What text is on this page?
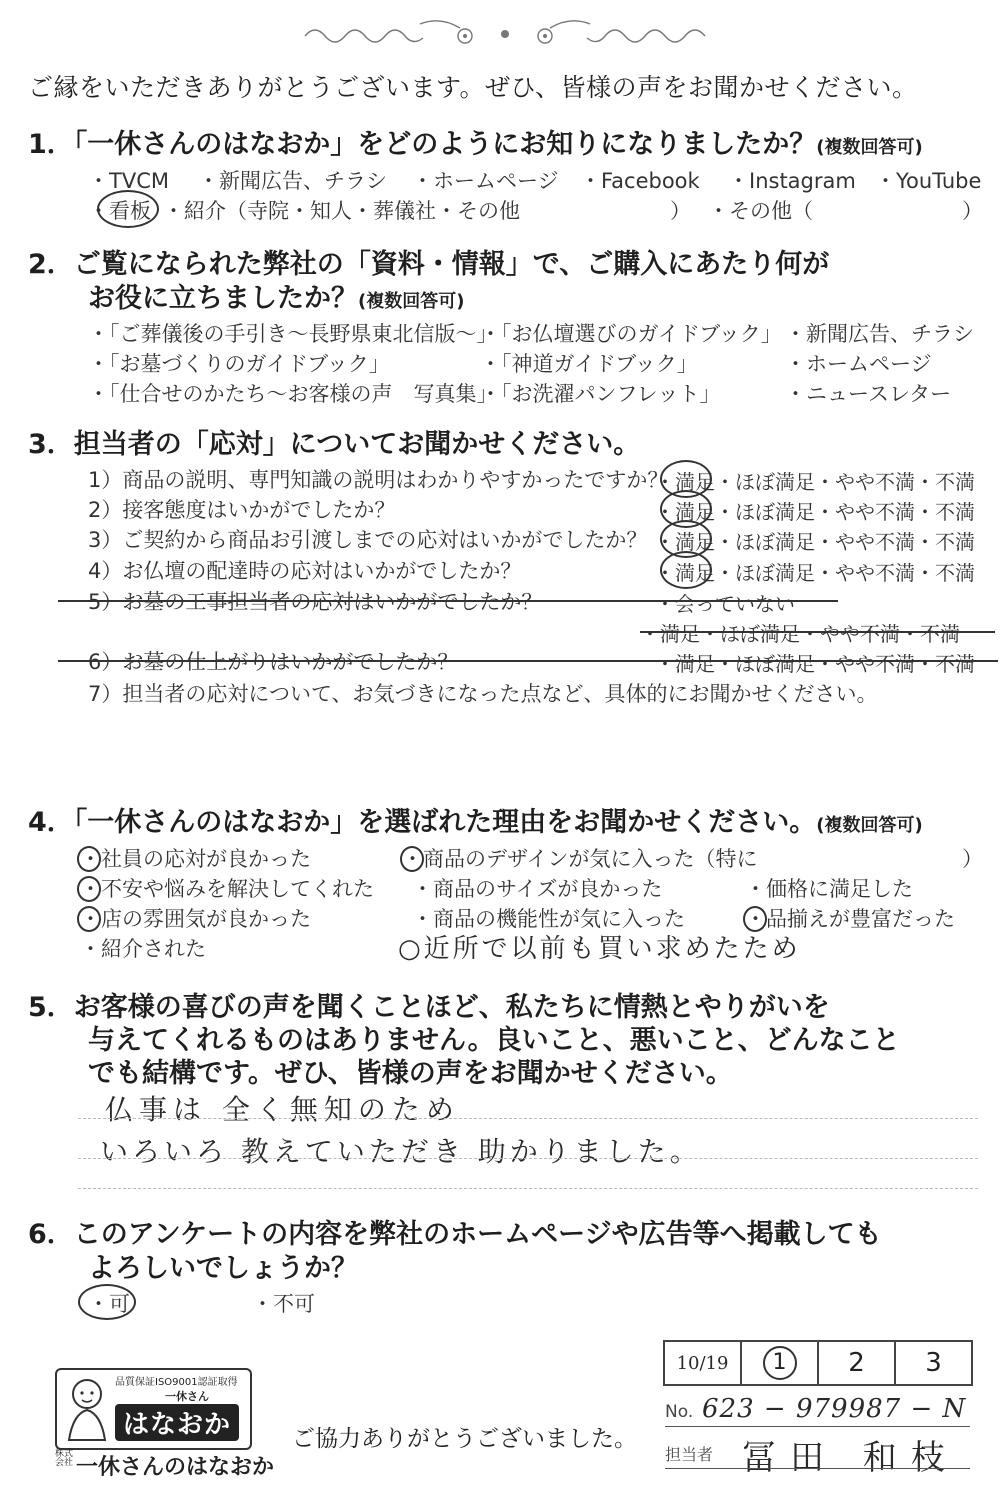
ご縁をいただきありがとうございます。ぜひ、皆様の声をお聞かせください。
1．「一休さんのはなおか」をどのようにお知りになりましたか？(複数回答可)
・TVCM ・新聞広告、チラシ ・ホームページ ・Facebook ・Instagram ・YouTube
・看板 ・紹介（寺院・知人・葬儀社・その他	） ・その他（	）
2．ご覧になられた弊社の「資料・情報」で、ご購入にあたり何が
お役に立ちましたか？(複数回答可)
・「ご葬儀後の手引き～長野県東北信版～」
・「お仏壇選びのガイドブック」 ・新聞広告、チラシ
・「お墓づくりのガイドブック」	・「神道ガイドブック」	・ホームページ
・「仕合せのかたち～お客様の声　写真集」
・「お洗濯パンフレット」	・ニュースレター
3．担当者の「応対」についてお聞かせください。
1）商品の説明、専門知識の説明はわかりやすかったですか？
・満足・ほぼ満足・やや不満・不満
2）接客態度はいかがでしたか？	・満足・ほぼ満足・やや不満・不満
3）ご契約から商品お引渡しまでの応対はいかがでしたか？ ・満足・ほぼ満足・やや不満・不満
4）お仏壇の配達時の応対はいかがでしたか？	・満足・ほぼ満足・やや不満・不満
5）お墓の工事担当者の応対はいかがでしたか？	・会っていない
・満足・ほぼ満足・やや不満・不満
6）お墓の仕上がりはいかがでしたか？	・満足・ほぼ満足・やや不満・不満
7）担当者の応対について、お気づきになった点など、具体的にお聞かせください。
4．「一休さんのはなおか」を選ばれた理由をお聞かせください。(複数回答可)
・社員の応対が良かった	・商品のデザインが気に入った（特に	）
・不安や悩みを解決してくれた ・商品のサイズが良かった	・価格に満足した
・店の雰囲気が良かった	・商品の機能性が気に入った	・品揃えが豊富だった
・紹介された	○近所で以前も買い求めたため
5．お客様の喜びの声を聞くことほど、私たちに情熱とやりがいを
与えてくれるものはありません。良いこと、悪いこと、どんなこと
でも結構です。ぜひ、皆様の声をお聞かせください。
仏事は 全く無知のため
いろいろ 教えていただき 助かりました。
6．このアンケートの内容を弊社のホームページや広告等へ掲載しても
よろしいでしょうか？
・可	・不可
10/19	1	2	3
No. 623 − 979987 − N
担当者 冨田 和枝
品質保証ISO9001認証取得
一休さん
はなおか
株式会社 一休さんのはなおか
ご協力ありがとうございました。
